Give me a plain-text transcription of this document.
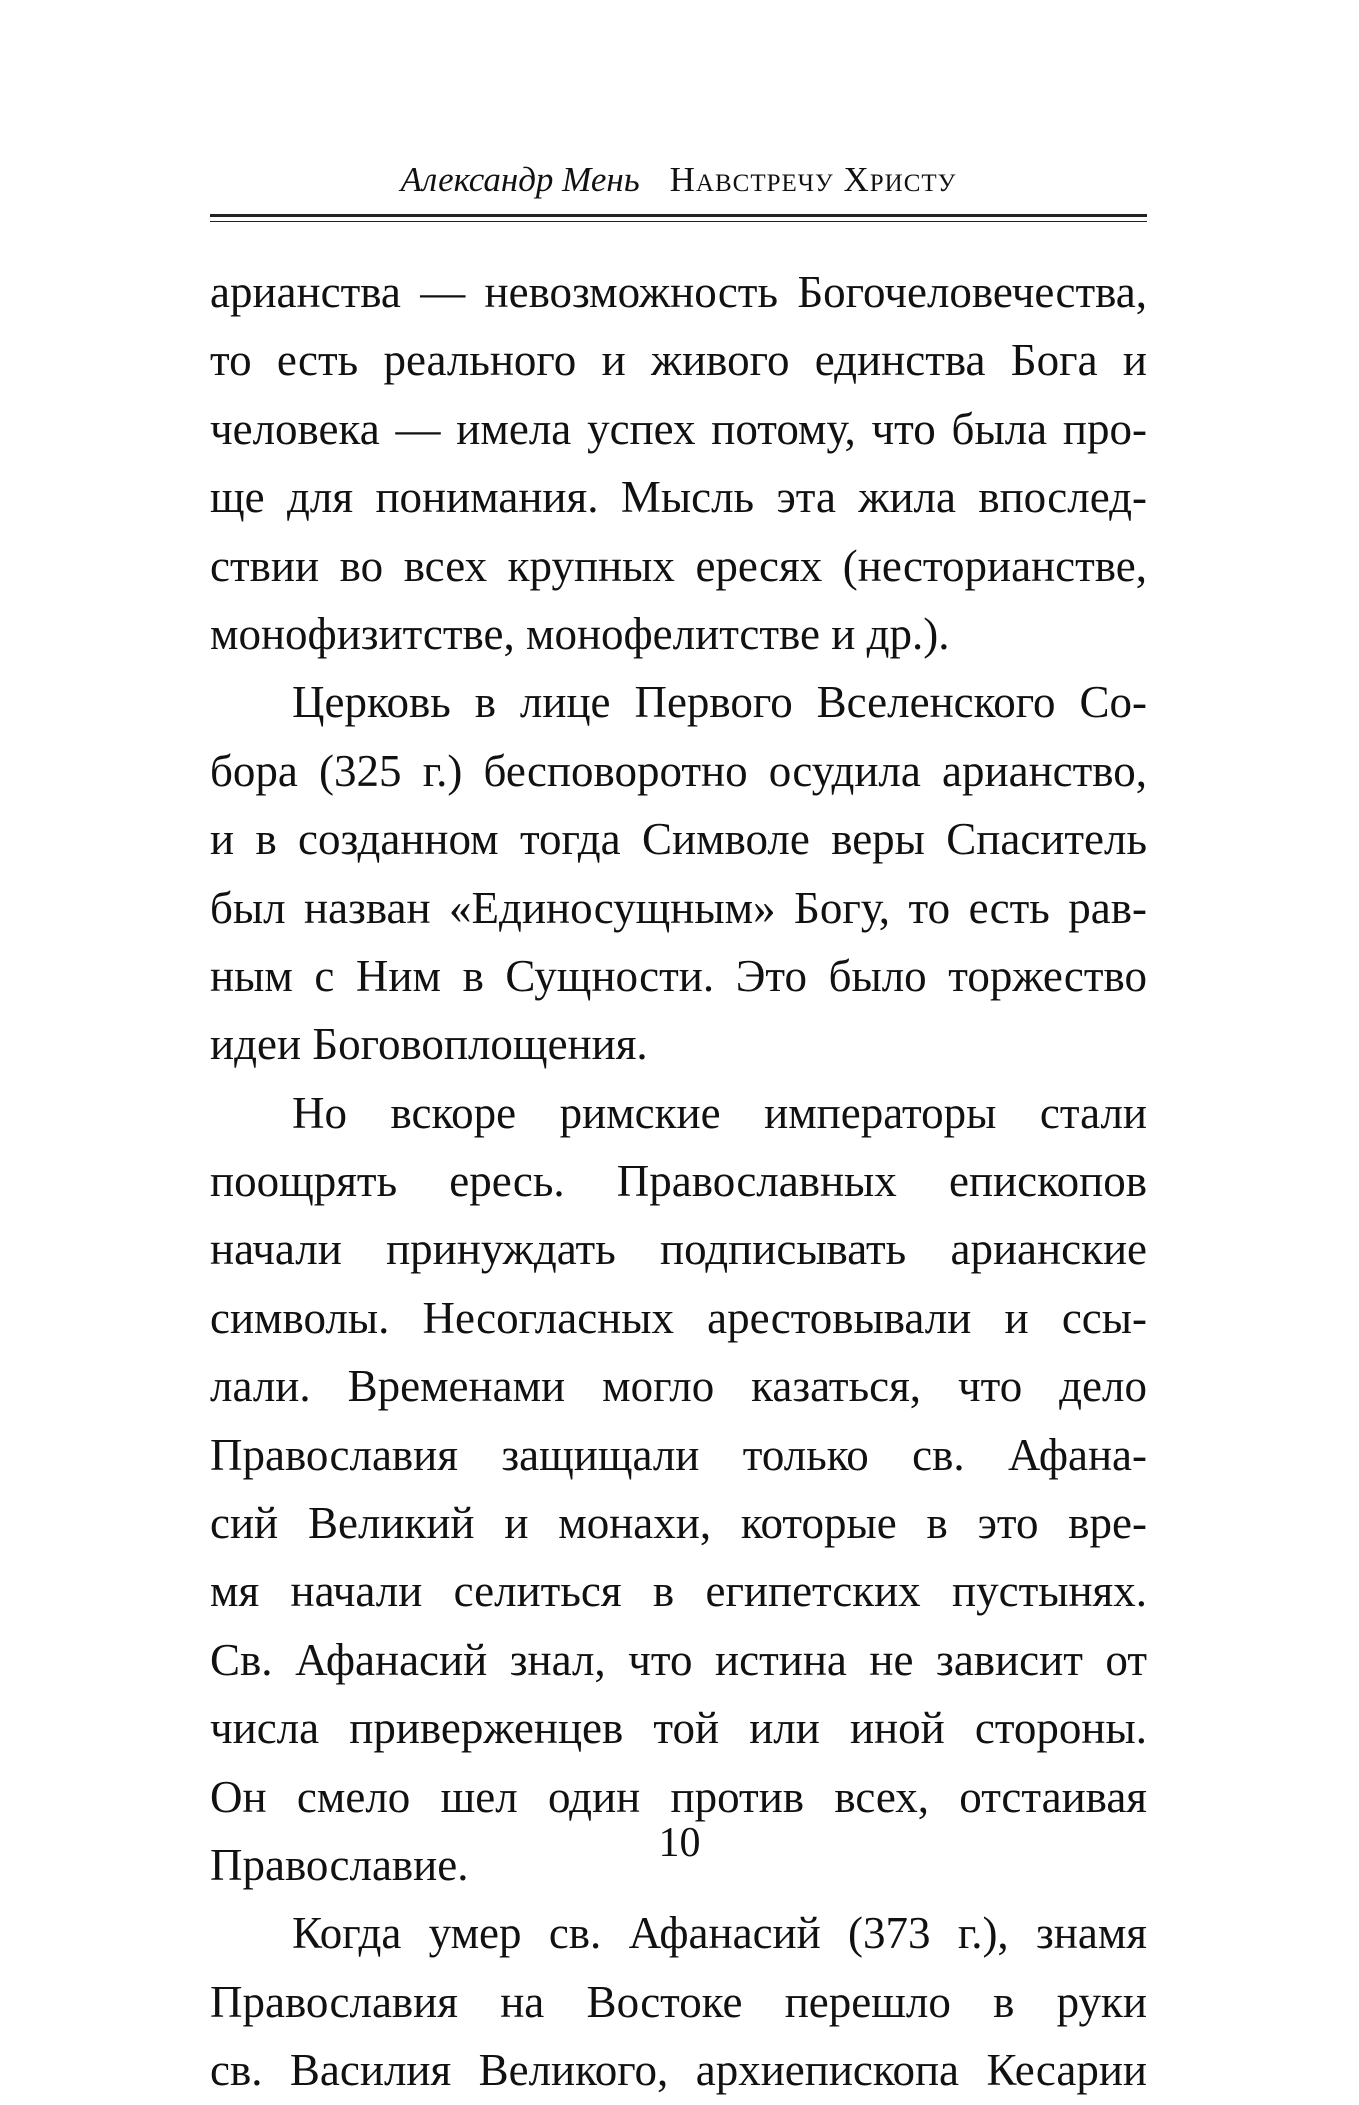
Александр Мень Навстречу Христу
арианства — невозможность Богочеловечества,
то есть реального и живого единства Бога и
человека — имела успех потому, что была про-
ще для понимания. Мысль эта жила впослед-
ствии во всех крупных ересях (несторианстве,
монофизитстве, монофелитстве и др.).
Церковь в лице Первого Вселенского Со-
бора (325 г.) бесповоротно осудила арианство,
и в созданном тогда Символе веры Спаситель
был назван «Единосущным» Богу, то есть рав-
ным с Ним в Сущности. Это было торжество
идеи Боговоплощения.
Но вскоре римские императоры стали
поощрять ересь. Православных епископов
начали принуждать подписывать арианские
символы. Несогласных арестовывали и ссы-
лали. Временами могло казаться, что дело
Православия защищали только св. Афана-
сий Великий и монахи, которые в это вре-
мя начали селиться в египетских пустынях.
Св. Афанасий знал, что истина не зависит от
числа приверженцев той или иной стороны.
Он смело шел один против всех, отстаивая
Православие.
Когда умер св. Афанасий (373 г.), знамя
Православия на Востоке перешло в руки
св. Василия Великого, архиепископа Кесарии
10
